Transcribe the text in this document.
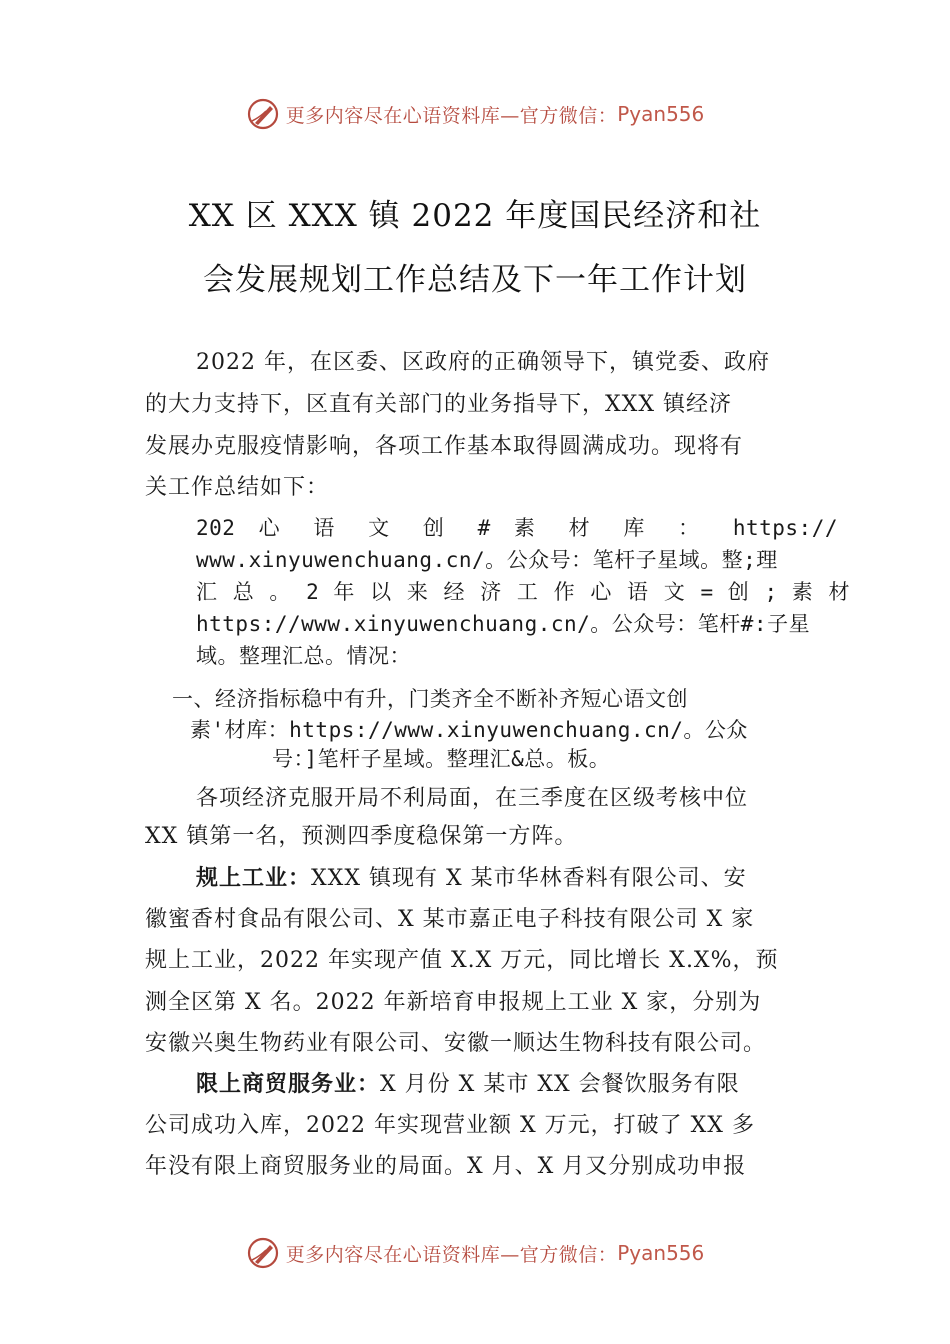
更多内容尽在心语资料库—官方微信： Pyan556
XX 区 XXX 镇 2022 年度国民经济和社
会发展规划工作总结及下一年工作计划
2022 年，在区委、区政府的正确领导下，镇党委、政府
的大力支持下，区直有关部门的业务指导下，XXX 镇经济
发展办克服疫情影响，各项工作基本取得圆满成功。现将有
关工作总结如下：
202 心 语 文 创 # 素 材 库 ： https://
www.xinyuwenchuang.cn/。公众号：笔杆子星域。整;理
汇 总 。 2 年 以 来 经 济 工 作 心 语 文 = 创 ; 素 材
https://www.xinyuwenchuang.cn/。公众号：笔杆#:子星
域。整理汇总。情况：
一、经济指标稳中有升，门类齐全不断补齐短心语文创
素'材库：https://www.xinyuwenchuang.cn/。公众
号：]笔杆子星域。整理汇&总。板。
各项经济克服开局不利局面，在三季度在区级考核中位
XX 镇第一名，预测四季度稳保第一方阵。
规上工业：XXX 镇现有 X 某市华林香料有限公司、安
徽蜜香村食品有限公司、X 某市嘉正电子科技有限公司 X 家
规上工业，2022 年实现产值 X.X 万元，同比增长 X.X%，预
测全区第 X 名。2022 年新培育申报规上工业 X 家，分别为
安徽兴奥生物药业有限公司、安徽一顺达生物科技有限公司。
限上商贸服务业：X 月份 X 某市 XX 会餐饮服务有限
公司成功入库，2022 年实现营业额 X 万元，打破了 XX 多
年没有限上商贸服务业的局面。X 月、X 月又分别成功申报
更多内容尽在心语资料库—官方微信： Pyan556
